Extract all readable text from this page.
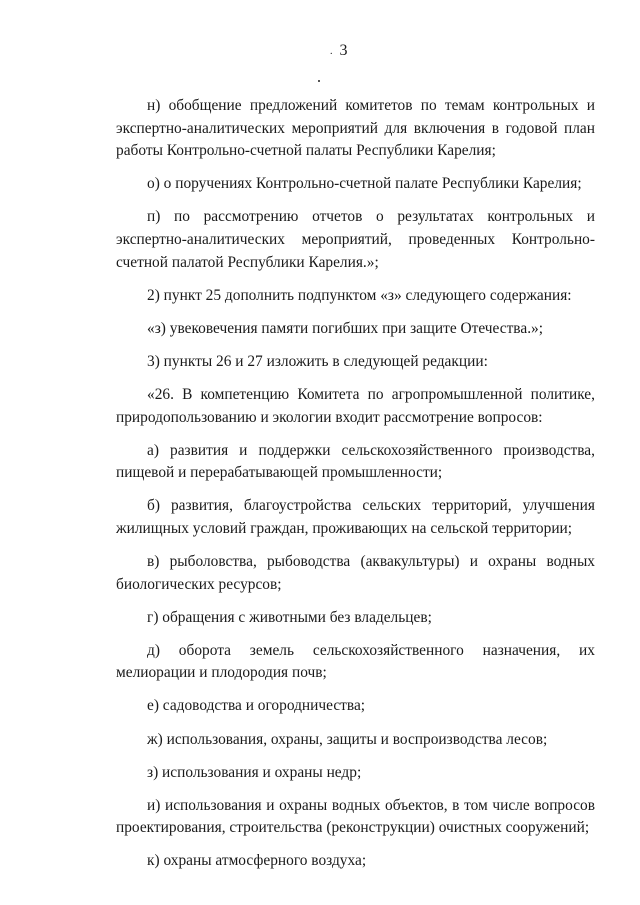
. 3

н) обобщение предложений комитетов по темам контрольных и экспертно-аналитических мероприятий для включения в годовой план работы Контрольно-счетной палаты Республики Карелия;

о) о поручениях Контрольно-счетной палате Республики Карелия;

п) по рассмотрению отчетов о результатах контрольных и экспертно-аналитических мероприятий, проведенных Контрольно-счетной палатой Республики Карелия.»;

2) пункт 25 дополнить подпунктом «з» следующего содержания:

«з) увековечения памяти погибших при защите Отечества.»;

3) пункты 26 и 27 изложить в следующей редакции:

«26. В компетенцию Комитета по агропромышленной политике, природопользованию и экологии входит рассмотрение вопросов:

а) развития и поддержки сельскохозяйственного производства, пищевой и перерабатывающей промышленности;

б) развития, благоустройства сельских территорий, улучшения жилищных условий граждан, проживающих на сельской территории;

в) рыболовства, рыбоводства (аквакультуры) и охраны водных биологических ресурсов;

г) обращения с животными без владельцев;

д) оборота земель сельскохозяйственного назначения, их мелиорации и плодородия почв;

е) садоводства и огородничества;

ж) использования, охраны, защиты и воспроизводства лесов;

з) использования и охраны недр;

и) использования и охраны водных объектов, в том числе вопросов проектирования, строительства (реконструкции) очистных сооружений;

к) охраны атмосферного воздуха;
